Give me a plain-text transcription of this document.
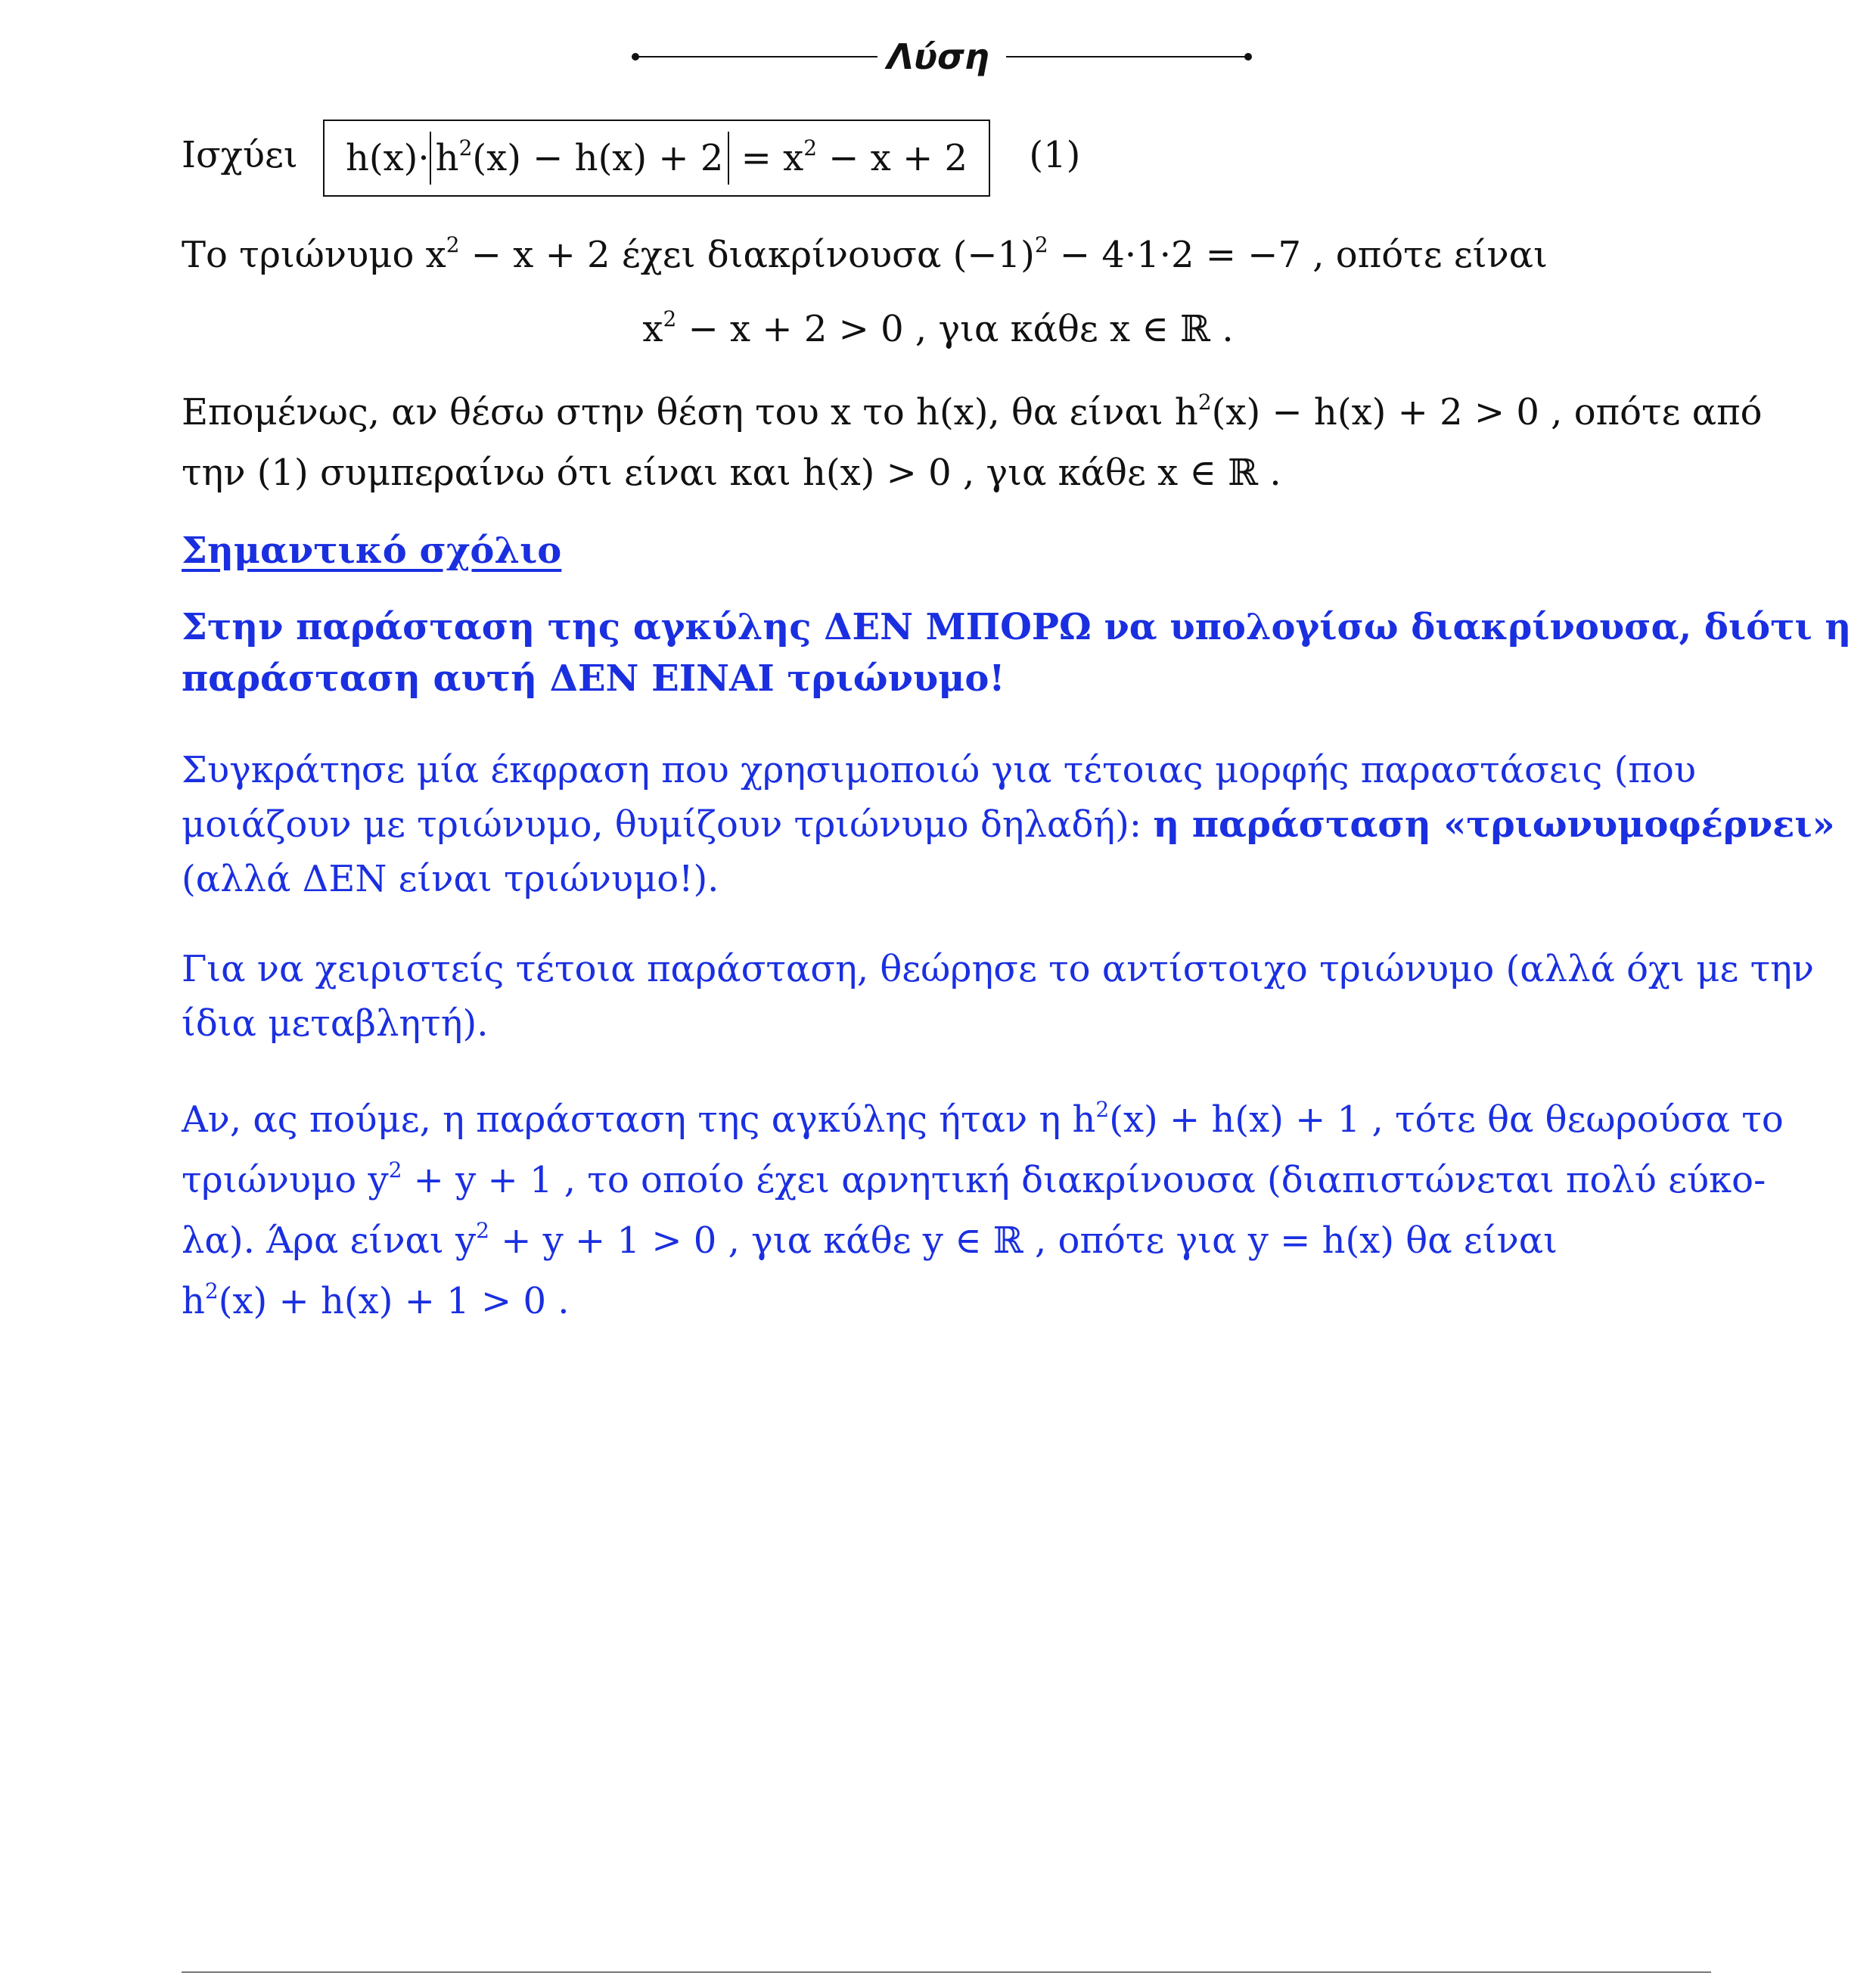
Λύση
Ισχύει $h(x)\cdot h^2(x) - h(x) + 2 = x^2 - x + 2$ (1)
Το τριώνυμο $x^2 - x + 2$ έχει διακρίνουσα $(-1)^2 - 4\cdot 1\cdot 2 = -7$ , οπότε είναι
$x^2 - x + 2 > 0$ , για κάθε x ∈ ℝ .
Επομένως, αν θέσω στην θέση του x το h(x), θα είναι $h^2(x) - h(x) + 2 > 0$ , οπότε από
την (1) συμπεραίνω ότι είναι και h(x) > 0 , για κάθε x ∈ ℝ .
Σημαντικό σχόλιο
Στην παράσταση της αγκύλης ΔΕΝ ΜΠΟΡΩ να υπολογίσω διακρίνουσα, διότι η
παράσταση αυτή ΔΕΝ ΕΙΝΑΙ τριώνυμο!
Συγκράτησε μία έκφραση που χρησιμοποιώ για τέτοιας μορφής παραστάσεις (που
μοιάζουν με τριώνυμο, θυμίζουν τριώνυμο δηλαδή): η παράσταση «τριωνυμοφέρνει»
(αλλά ΔΕΝ είναι τριώνυμο!).
Για να χειριστείς τέτοια παράσταση, θεώρησε το αντίστοιχο τριώνυμο (αλλά όχι με την
ίδια μεταβλητή).
Αν, ας πούμε, η παράσταση της αγκύλης ήταν η $h^2(x) + h(x) + 1$ , τότε θα θεωρούσα το
τριώνυμο $y^2 + y + 1$ , το οποίο έχει αρνητική διακρίνουσα (διαπιστώνεται πολύ εύκο-
λα). Άρα είναι $y^2 + y + 1 > 0$ , για κάθε y ∈ ℝ , οπότε για y = h(x) θα είναι
$h^2(x) + h(x) + 1 > 0$ .
